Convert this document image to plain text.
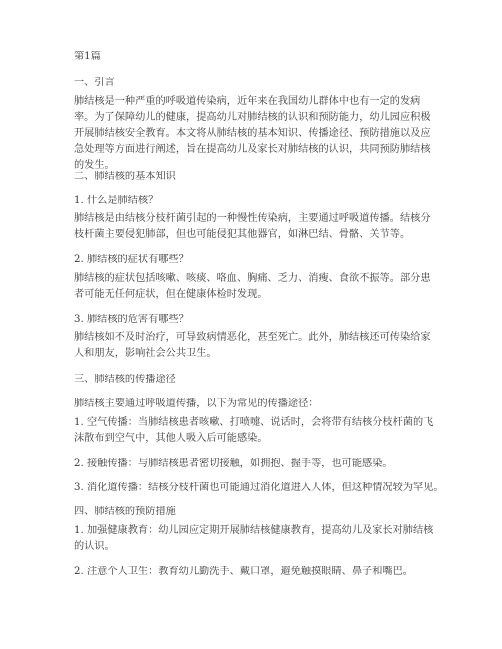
第1篇
一、引言
肺结核是一种严重的呼吸道传染病，近年来在我国幼儿群体中也有一定的发病率。为了保障幼儿的健康，提高幼儿对肺结核的认识和预防能力，幼儿园应积极开展肺结核安全教育。本文将从肺结核的基本知识、传播途径、预防措施以及应急处理等方面进行阐述，旨在提高幼儿及家长对肺结核的认识，共同预防肺结核的发生。
二、肺结核的基本知识
1. 什么是肺结核？
肺结核是由结核分枝杆菌引起的一种慢性传染病，主要通过呼吸道传播。结核分枝杆菌主要侵犯肺部，但也可能侵犯其他器官，如淋巴结、骨骼、关节等。
2. 肺结核的症状有哪些？
肺结核的症状包括咳嗽、咳痰、咯血、胸痛、乏力、消瘦、食欲不振等。部分患者可能无任何症状，但在健康体检时发现。
3. 肺结核的危害有哪些？
肺结核如不及时治疗，可导致病情恶化，甚至死亡。此外，肺结核还可传染给家人和朋友，影响社会公共卫生。
三、肺结核的传播途径
肺结核主要通过呼吸道传播，以下为常见的传播途径：
1. 空气传播：当肺结核患者咳嗽、打喷嚏、说话时，会将带有结核分枝杆菌的飞沫散布到空气中，其他人吸入后可能感染。
2. 接触传播：与肺结核患者密切接触，如拥抱、握手等，也可能感染。
3. 消化道传播：结核分枝杆菌也可能通过消化道进入人体，但这种情况较为罕见。
四、肺结核的预防措施
1. 加强健康教育：幼儿园应定期开展肺结核健康教育，提高幼儿及家长对肺结核的认识。
2. 注意个人卫生：教育幼儿勤洗手、戴口罩，避免触摸眼睛、鼻子和嘴巴。
